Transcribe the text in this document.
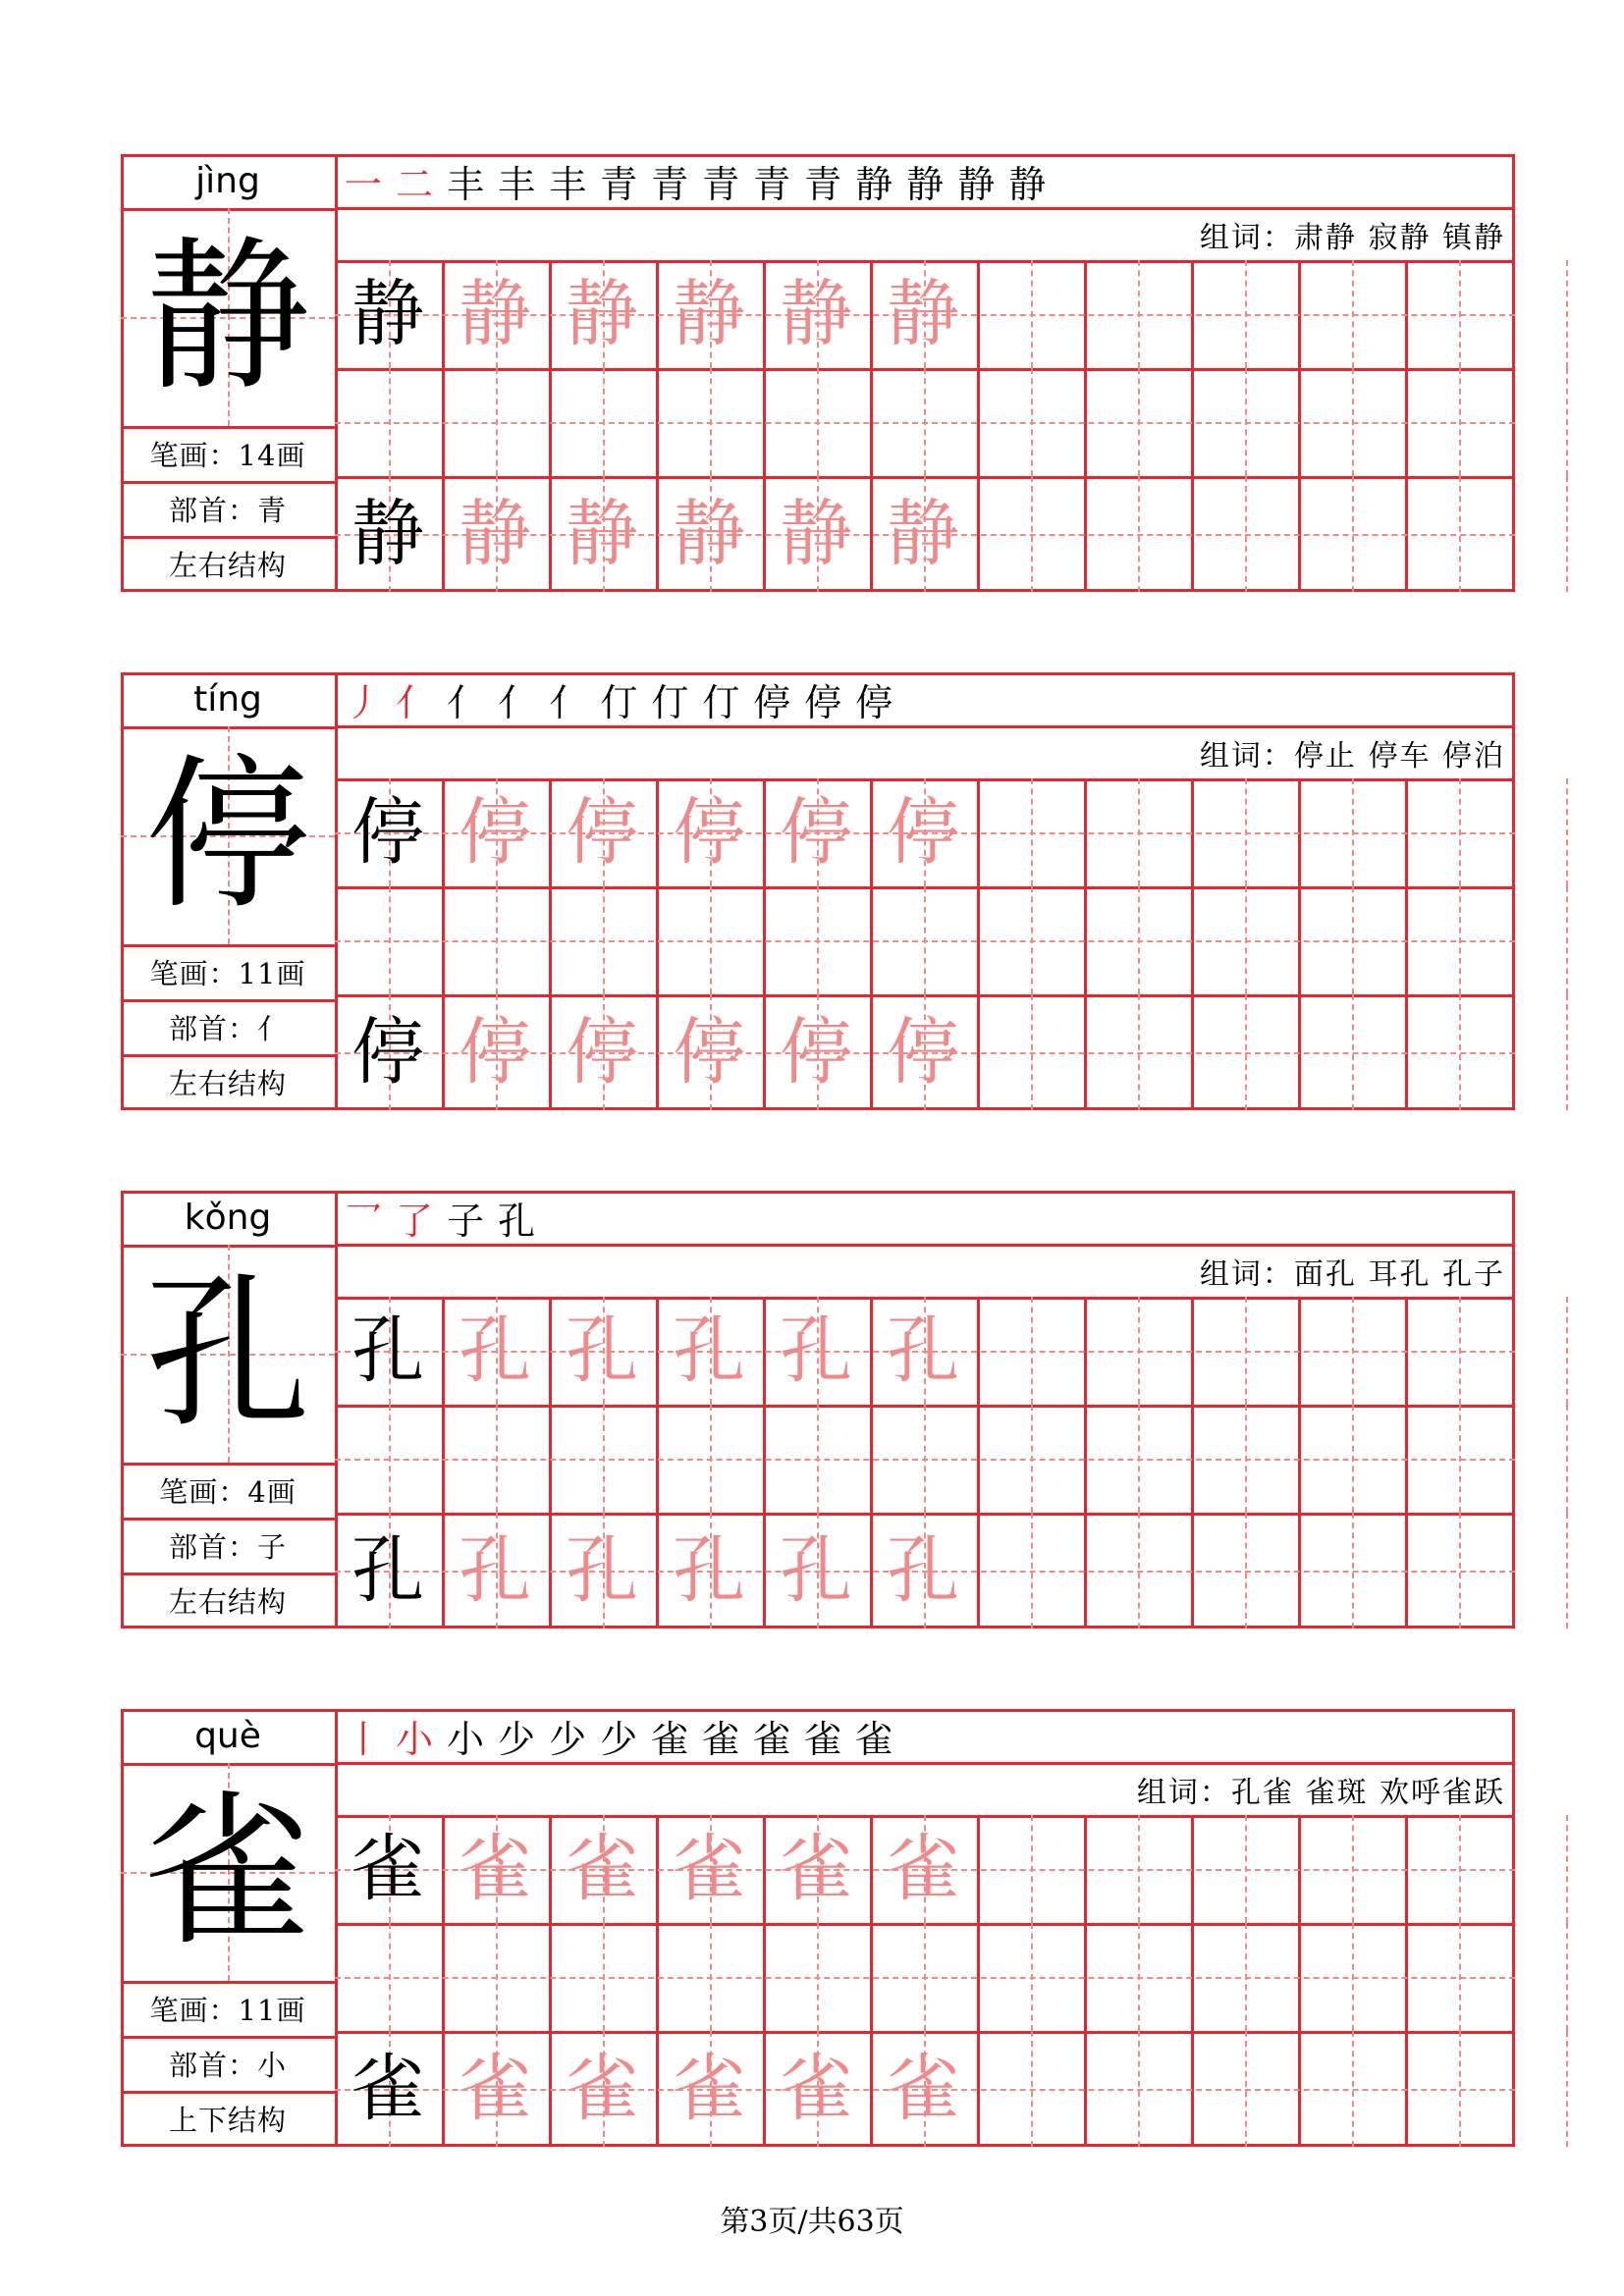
jìng
静
笔画：14画
部首：青
左右结构
一 二 丰 丰 丰 青 青 青 青 青 静 静 静 静
组词：肃静 寂静 镇静
静 静 静 静 静 静
静 静 静 静 静 静
tíng
停
笔画：11画
部首：亻
左右结构
丿 亻 亻 亻 亻 仃 仃 仃 停 停 停
组词：停止 停车 停泊
停 停 停 停 停 停
停 停 停 停 停 停
kǒng
孔
笔画：4画
部首：子
左右结构
乛 了 子 孔
组词：面孔 耳孔 孔子
孔 孔 孔 孔 孔 孔
孔 孔 孔 孔 孔 孔
què
雀
笔画：11画
部首：小
上下结构
丨 小 小 少 少 少 雀 雀 雀 雀 雀
组词：孔雀 雀斑 欢呼雀跃
雀 雀 雀 雀 雀 雀
雀 雀 雀 雀 雀 雀
第3页/共63页
